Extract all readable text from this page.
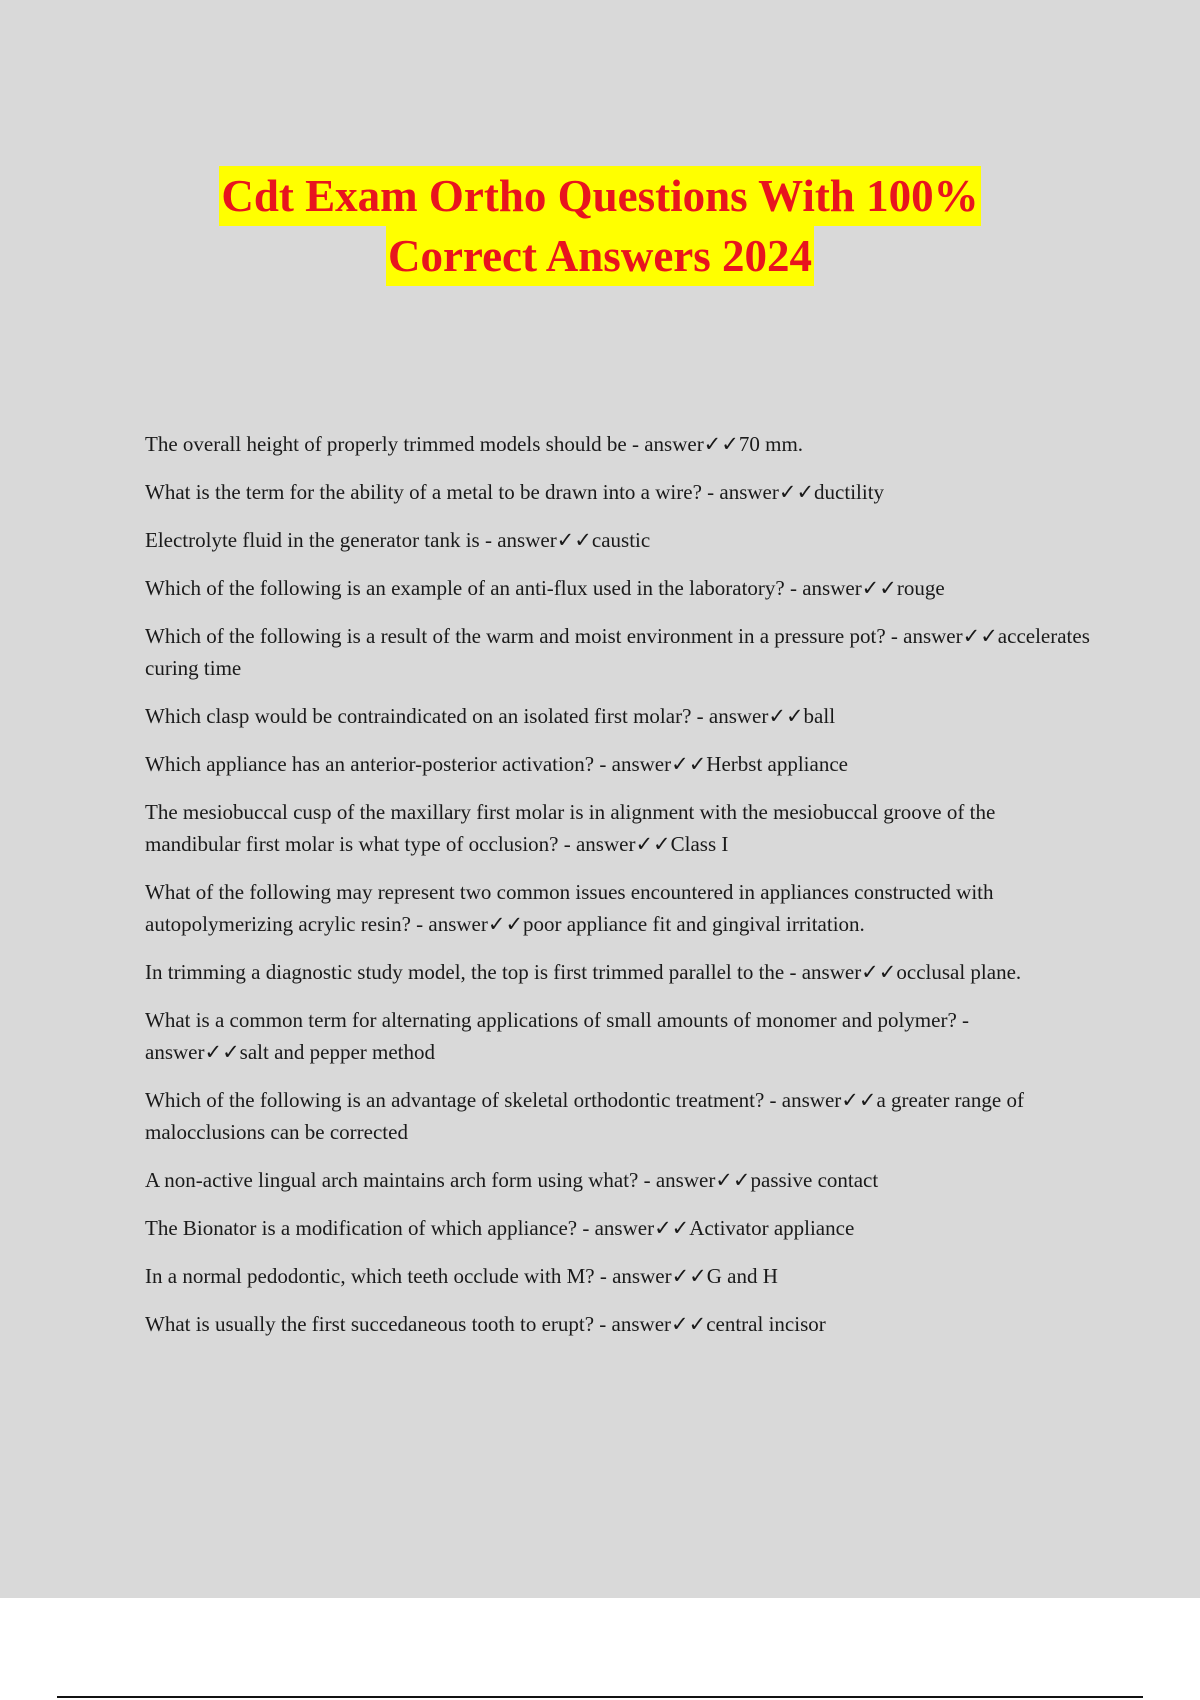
Cdt Exam Ortho Questions With 100%
Correct Answers 2024
The overall height of properly trimmed models should be - answer✓✓70 mm.
What is the term for the ability of a metal to be drawn into a wire? - answer✓✓ductility
Electrolyte fluid in the generator tank is - answer✓✓caustic
Which of the following is an example of an anti-flux used in the laboratory? - answer✓✓rouge
Which of the following is a result of the warm and moist environment in a pressure pot? - answer✓✓accelerates curing time
Which clasp would be contraindicated on an isolated first molar? - answer✓✓ball
Which appliance has an anterior-posterior activation? - answer✓✓Herbst appliance
The mesiobuccal cusp of the maxillary first molar is in alignment with the mesiobuccal groove of the mandibular first molar is what type of occlusion? - answer✓✓Class I
What of the following may represent two common issues encountered in appliances constructed with autopolymerizing acrylic resin? - answer✓✓poor appliance fit and gingival irritation.
In trimming a diagnostic study model, the top is first trimmed parallel to the - answer✓✓occlusal plane.
What is a common term for alternating applications of small amounts of monomer and polymer? - answer✓✓salt and pepper method
Which of the following is an advantage of skeletal orthodontic treatment? - answer✓✓a greater range of malocclusions can be corrected
A non-active lingual arch maintains arch form using what? - answer✓✓passive contact
The Bionator is a modification of which appliance? - answer✓✓Activator appliance
In a normal pedodontic, which teeth occlude with M? - answer✓✓G and H
What is usually the first succedaneous tooth to erupt? - answer✓✓central incisor
